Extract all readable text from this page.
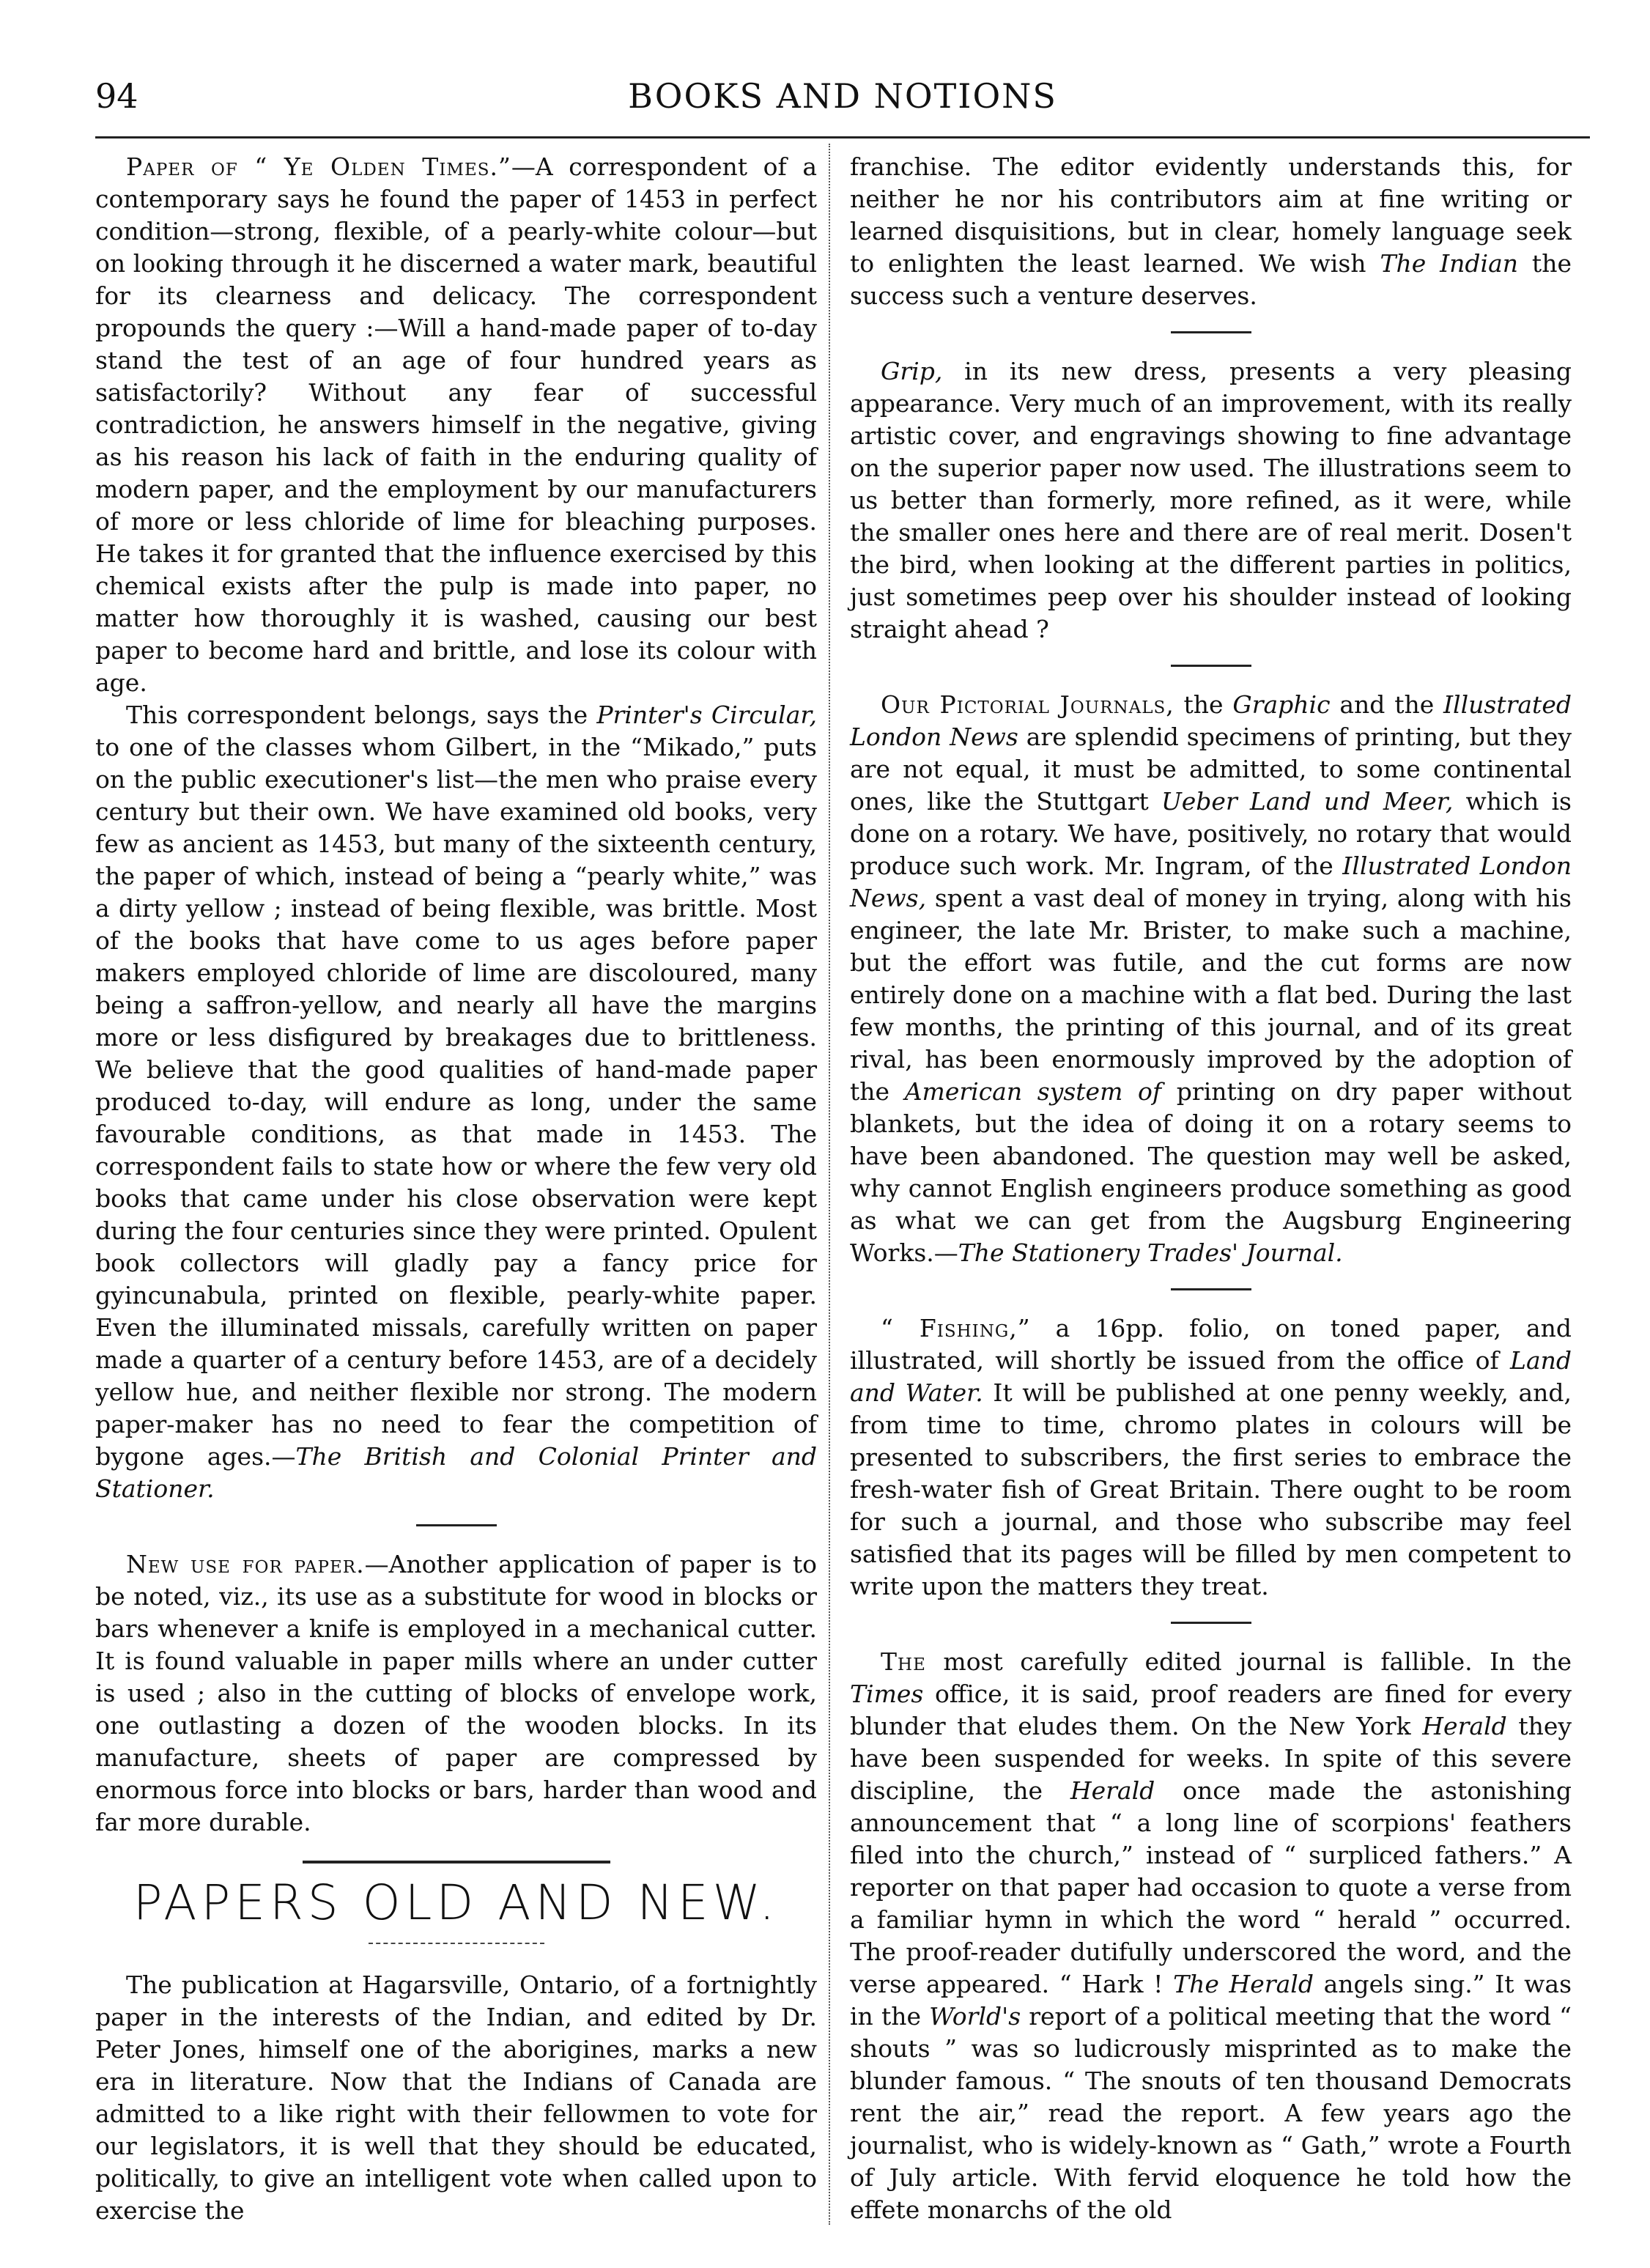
94	BOOKS AND NOTIONS

Paper of “ Ye Olden Times.”—A correspondent of a contemporary says he found the paper of 1453 in perfect condition—strong, flexible, of a pearly-white colour—but on looking through it he discerned a water mark, beautiful for its clearness and delicacy. The correspondent propounds the query :—Will a hand-made paper of to-day stand the test of an age of four hundred years as satisfactorily? Without any fear of successful contradiction, he answers himself in the negative, giving as his reason his lack of faith in the enduring quality of modern paper, and the employment by our manufacturers of more or less chloride of lime for bleaching purposes. He takes it for granted that the influence exercised by this chemical exists after the pulp is made into paper, no matter how thoroughly it is washed, causing our best paper to become hard and brittle, and lose its colour with age.

This correspondent belongs, says the Printer's Circular, to one of the classes whom Gilbert, in the “Mikado,” puts on the public executioner's list—the men who praise every century but their own. We have examined old books, very few as ancient as 1453, but many of the sixteenth century, the paper of which, instead of being a “pearly white,” was a dirty yellow ; instead of being flexible, was brittle. Most of the books that have come to us ages before paper makers employed chloride of lime are discoloured, many being a saffron-yellow, and nearly all have the margins more or less disfigured by breakages due to brittleness. We believe that the good qualities of hand-made paper produced to-day, will endure as long, under the same favourable conditions, as that made in 1453. The correspondent fails to state how or where the few very old books that came under his close observation were kept during the four centuries since they were printed. Opulent book collectors will gladly pay a fancy price for gyincunabula, printed on flexible, pearly-white paper. Even the illuminated missals, carefully written on paper made a quarter of a century before 1453, are of a decidely yellow hue, and neither flexible nor strong. The modern paper-maker has no need to fear the competition of bygone ages.—The British and Colonial Printer and Stationer.

New use for paper.—Another application of paper is to be noted, viz., its use as a substitute for wood in blocks or bars whenever a knife is employed in a mechanical cutter. It is found valuable in paper mills where an under cutter is used ; also in the cutting of blocks of envelope work, one outlasting a dozen of the wooden blocks. In its manufacture, sheets of paper are compressed by enormous force into blocks or bars, harder than wood and far more durable.

PAPERS OLD AND NEW.

The publication at Hagarsville, Ontario, of a fortnightly paper in the interests of the Indian, and edited by Dr. Peter Jones, himself one of the aborigines, marks a new era in literature. Now that the Indians of Canada are admitted to a like right with their fellowmen to vote for our legislators, it is well that they should be educated, politically, to give an intelligent vote when called upon to exercise the

franchise. The editor evidently understands this, for neither he nor his contributors aim at fine writing or learned disquisitions, but in clear, homely language seek to enlighten the least learned. We wish The Indian the success such a venture deserves.

Grip, in its new dress, presents a very pleasing appearance. Very much of an improvement, with its really artistic cover, and engravings showing to fine advantage on the superior paper now used. The illustrations seem to us better than formerly, more refined, as it were, while the smaller ones here and there are of real merit. Dosen't the bird, when looking at the different parties in politics, just sometimes peep over his shoulder instead of looking straight ahead ?

Our Pictorial Journals, the Graphic and the Illustrated London News are splendid specimens of printing, but they are not equal, it must be admitted, to some continental ones, like the Stuttgart Ueber Land und Meer, which is done on a rotary. We have, positively, no rotary that would produce such work. Mr. Ingram, of the Illustrated London News, spent a vast deal of money in trying, along with his engineer, the late Mr. Brister, to make such a machine, but the effort was futile, and the cut forms are now entirely done on a machine with a flat bed. During the last few months, the printing of this journal, and of its great rival, has been enormously improved by the adoption of the American system of printing on dry paper without blankets, but the idea of doing it on a rotary seems to have been abandoned. The question may well be asked, why cannot English engineers produce something as good as what we can get from the Augsburg Engineering Works.—The Stationery Trades' Journal.

“ Fishing,” a 16pp. folio, on toned paper, and illustrated, will shortly be issued from the office of Land and Water. It will be published at one penny weekly, and, from time to time, chromo plates in colours will be presented to subscribers, the first series to embrace the fresh-water fish of Great Britain. There ought to be room for such a journal, and those who subscribe may feel satisfied that its pages will be filled by men competent to write upon the matters they treat.

The most carefully edited journal is fallible. In the Times office, it is said, proof readers are fined for every blunder that eludes them. On the New York Herald they have been suspended for weeks. In spite of this severe discipline, the Herald once made the astonishing announcement that “ a long line of scorpions' feathers filed into the church,” instead of “ surpliced fathers.” A reporter on that paper had occasion to quote a verse from a familiar hymn in which the word “ herald ” occurred. The proof-reader dutifully underscored the word, and the verse appeared. “ Hark ! The Herald angels sing.” It was in the World's report of a political meeting that the word “ shouts ” was so ludicrously misprinted as to make the blunder famous. “ The snouts of ten thousand Democrats rent the air,” read the report. A few years ago the journalist, who is widely-known as “ Gath,” wrote a Fourth of July article. With fervid eloquence he told how the effete monarchs of the old
